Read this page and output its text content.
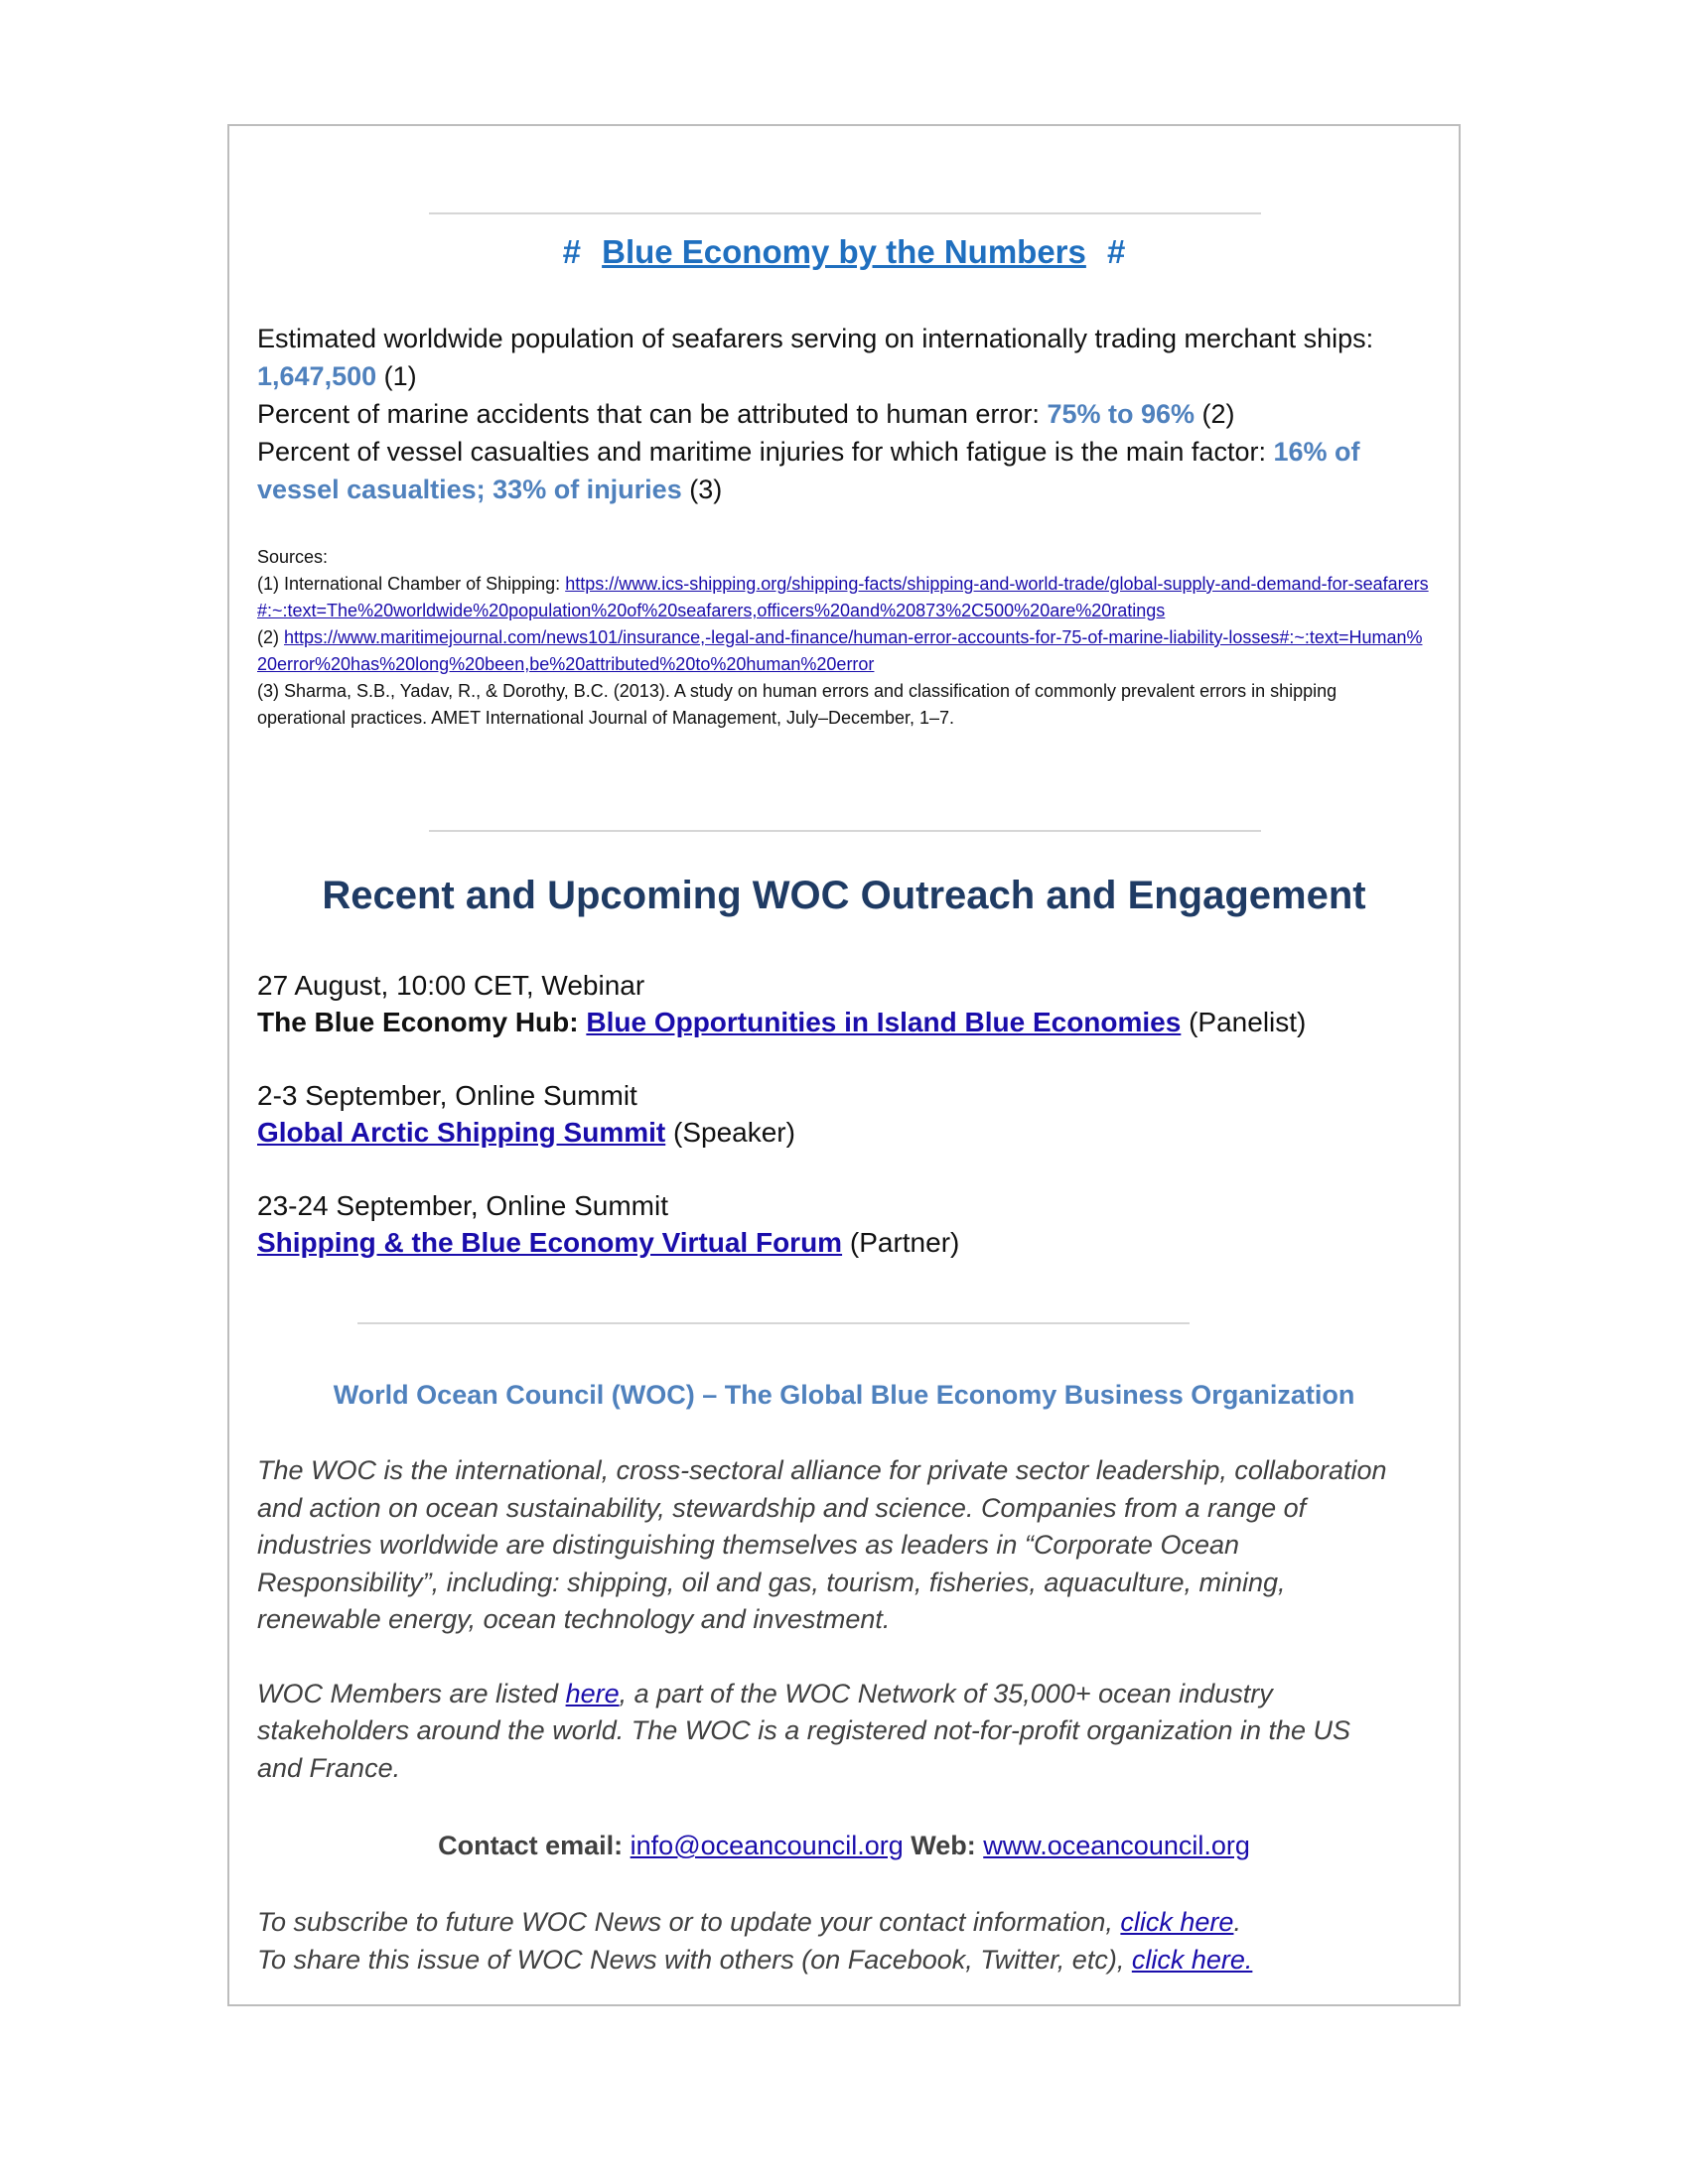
# Blue Economy by the Numbers #
Estimated worldwide population of seafarers serving on internationally trading merchant ships: 1,647,500 (1)
Percent of marine accidents that can be attributed to human error: 75% to 96% (2)
Percent of vessel casualties and maritime injuries for which fatigue is the main factor: 16% of vessel casualties; 33% of injuries (3)
Sources:
(1) International Chamber of Shipping: https://www.ics-shipping.org/shipping-facts/shipping-and-world-trade/global-supply-and-demand-for-seafarers#:~:text=The%20worldwide%20population%20of%20seafarers,officers%20and%20873%2C500%20are%20ratings
(2) https://www.maritimejournal.com/news101/insurance,-legal-and-finance/human-error-accounts-for-75-of-marine-liability-losses#:~:text=Human%20error%20has%20long%20been,be%20attributed%20to%20human%20error
(3) Sharma, S.B., Yadav, R., & Dorothy, B.C. (2013). A study on human errors and classification of commonly prevalent errors in shipping operational practices. AMET International Journal of Management, July–December, 1–7.
Recent and Upcoming WOC Outreach and Engagement
27 August, 10:00 CET, Webinar
The Blue Economy Hub: Blue Opportunities in Island Blue Economies (Panelist)
2-3 September, Online Summit
Global Arctic Shipping Summit (Speaker)
23-24 September, Online Summit
Shipping & the Blue Economy Virtual Forum (Partner)
World Ocean Council (WOC) – The Global Blue Economy Business Organization

The WOC is the international, cross-sectoral alliance for private sector leadership, collaboration and action on ocean sustainability, stewardship and science. Companies from a range of industries worldwide are distinguishing themselves as leaders in “Corporate Ocean Responsibility”, including: shipping, oil and gas, tourism, fisheries, aquaculture, mining, renewable energy, ocean technology and investment.

WOC Members are listed here, a part of the WOC Network of 35,000+ ocean industry stakeholders around the world. The WOC is a registered not-for-profit organization in the US and France.

Contact email: info@oceancouncil.org Web: www.oceancouncil.org
To subscribe to future WOC News or to update your contact information, click here.
To share this issue of WOC News with others (on Facebook, Twitter, etc), click here.
